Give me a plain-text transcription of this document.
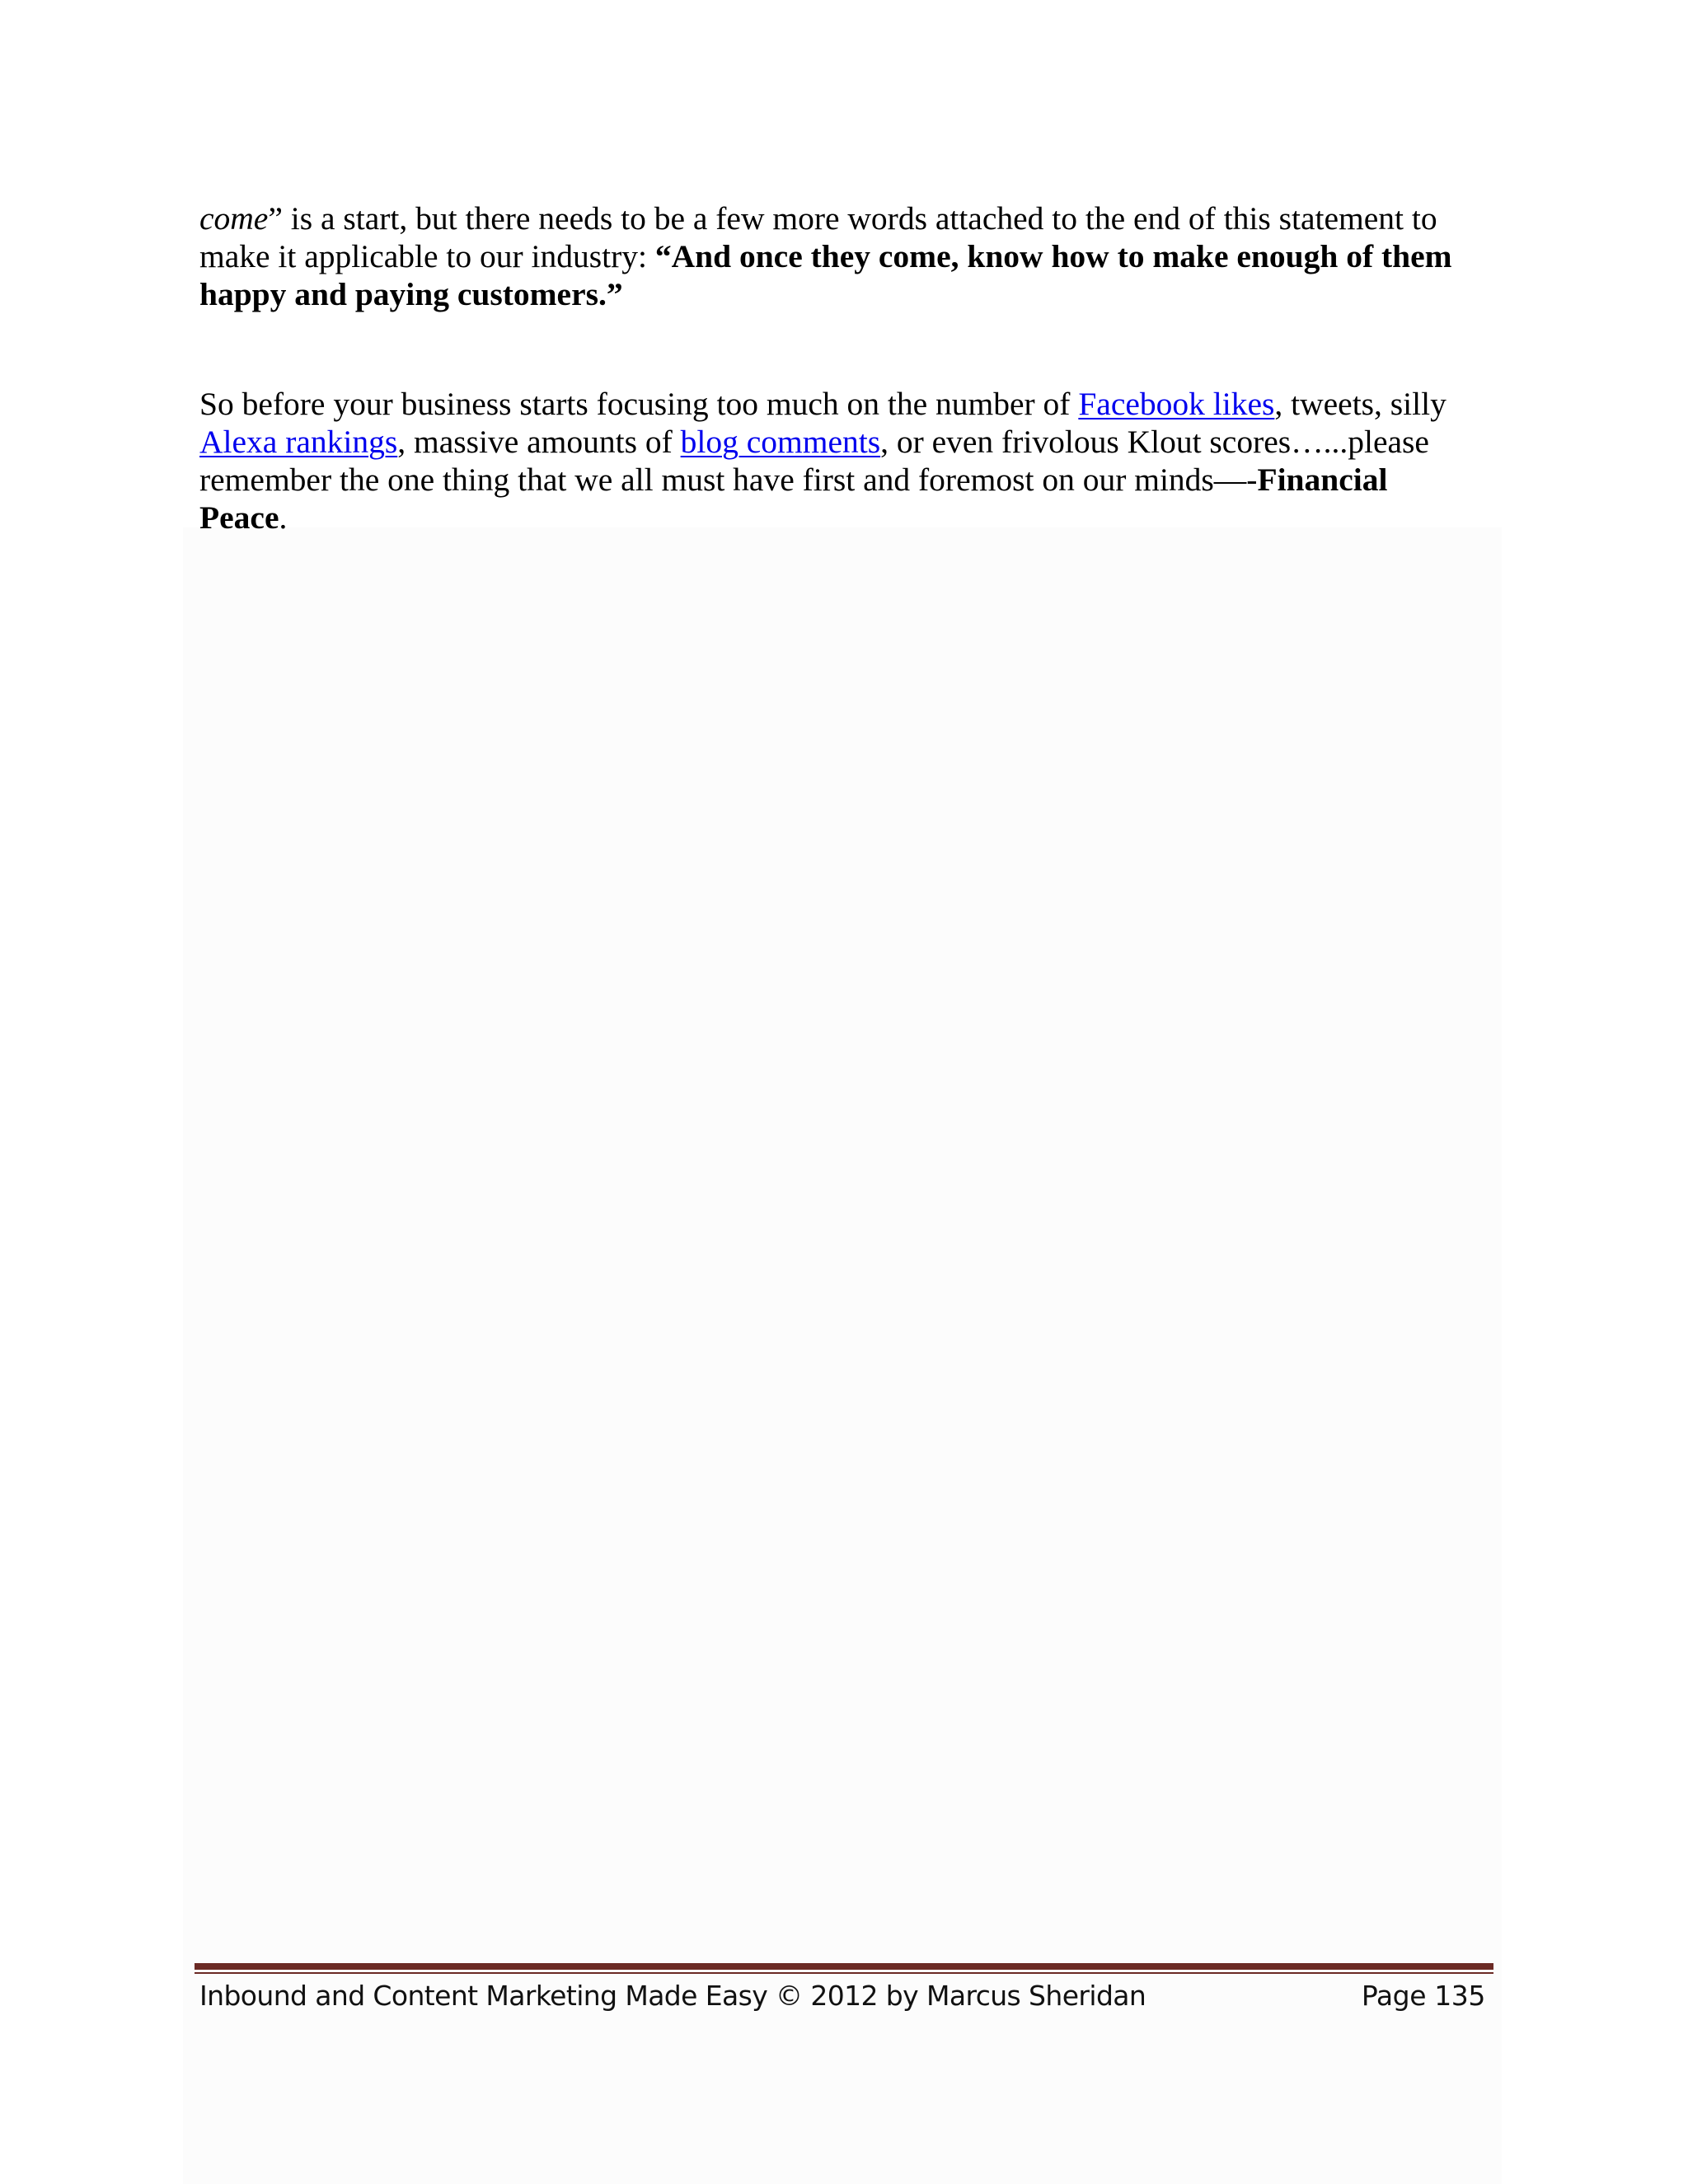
come” is a start, but there needs to be a few more words attached to the end of this statement to
make it applicable to our industry: “And once they come, know how to make enough of them
happy and paying customers.”
So before your business starts focusing too much on the number of Facebook likes, tweets, silly
Alexa rankings, massive amounts of blog comments, or even frivolous Klout scores…...please
remember the one thing that we all must have first and foremost on our minds—-Financial
Peace.
Inbound and Content Marketing Made Easy © 2012 by Marcus Sheridan	Page 135
